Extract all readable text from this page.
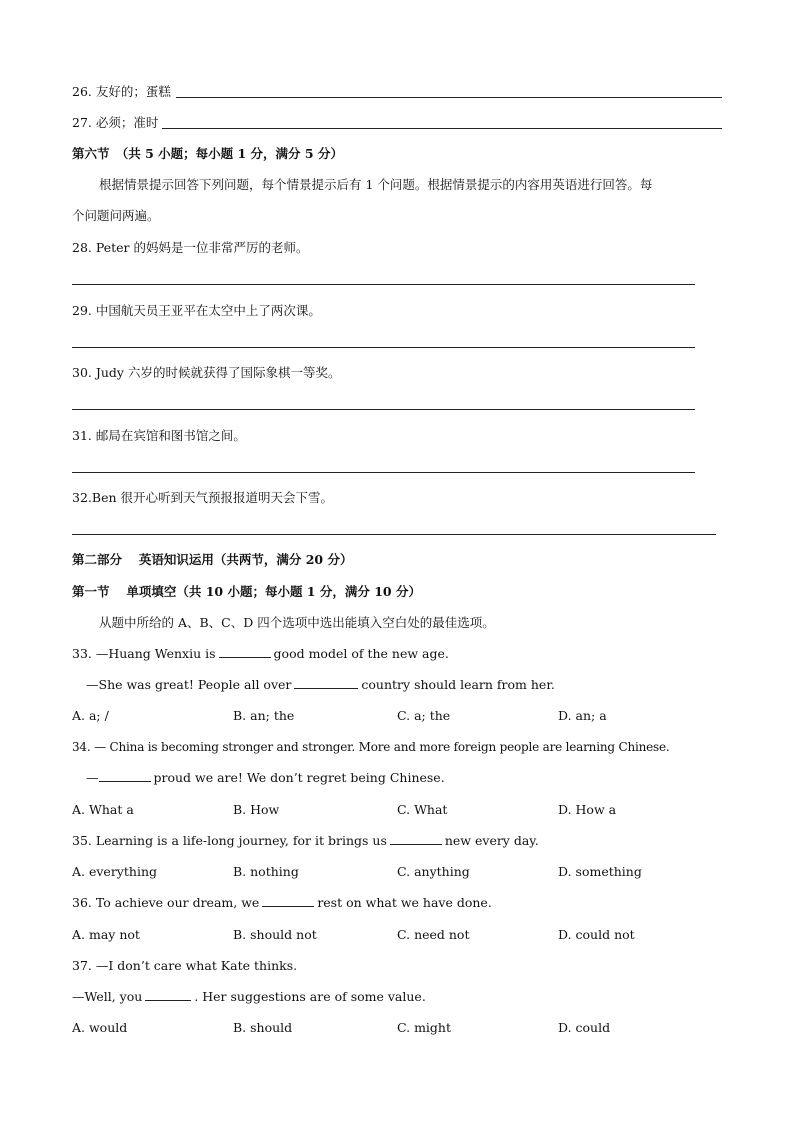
26. 友好的；蛋糕
27. 必须；准时
第六节　（共 5 小题；每小题 1 分，满分 5 分）
根据情景提示回答下列问题，每个情景提示后有 1 个问题。根据情景提示的内容用英语进行回答。每
个问题问两遍。
28. Peter 的妈妈是一位非常严厉的老师。
29. 中国航天员王亚平在太空中上了两次课。
30. Judy 六岁的时候就获得了国际象棋一等奖。
31. 邮局在宾馆和图书馆之间。
32.Ben 很开心听到天气预报报道明天会下雪。
第二部分　 英语知识运用（共两节，满分 20 分）
第一节　 单项填空（共 10 小题；每小题 1 分，满分 10 分）
从题中所给的 A、B、C、D 四个选项中选出能填入空白处的最佳选项。
33. —Huang Wenxiu is	good model of the new age.
—She was great! People all over	country should learn from her.
A. a; /	B. an; the	C. a; the	D. an; a
34. — China is becoming stronger and stronger. More and more foreign people are learning Chinese.
—	proud we are! We don’t regret being Chinese.
A. What a	B. How	C. What	D. How a
35. Learning is a life-long journey, for it brings us	new every day.
A. everything	B. nothing	C. anything	D. something
36. To achieve our dream, we	rest on what we have done.
A. may not	B. should not	C. need not	D. could not
37. —I don’t care what Kate thinks.
—Well, you	. Her suggestions are of some value.
A. would	B. should	C. might	D. could
